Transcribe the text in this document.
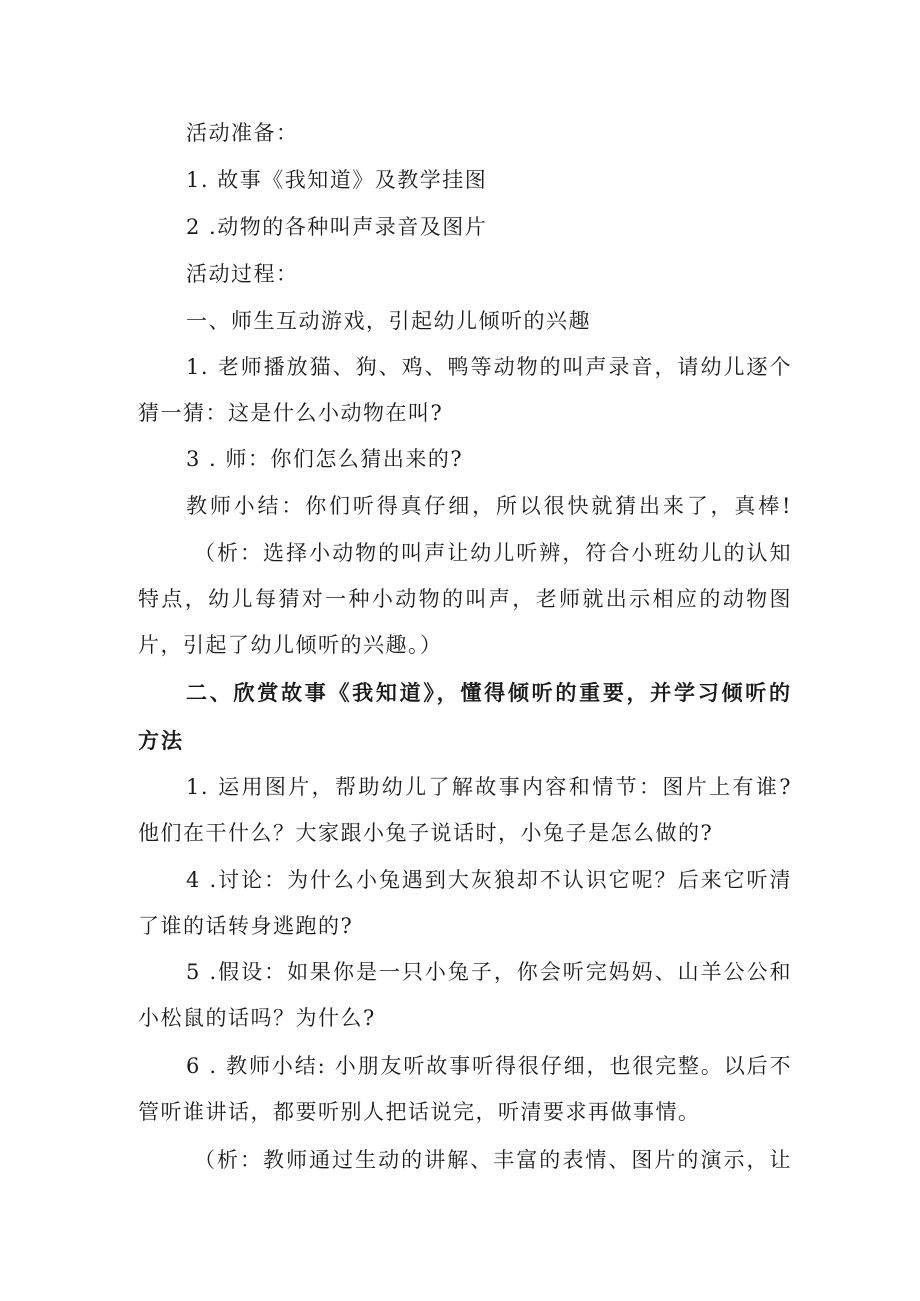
活动准备：

1. 故事《我知道》及教学挂图

2 .动物的各种叫声录音及图片

活动过程：

一、师生互动游戏，引起幼儿倾听的兴趣

1. 老师播放猫、狗、鸡、鸭等动物的叫声录音，请幼儿逐个

猜一猜：这是什么小动物在叫?

3 . 师：你们怎么猜出来的?

教师小结：你们听得真仔细，所以很快就猜出来了，真棒!

（析：选择小动物的叫声让幼儿听辨，符合小班幼儿的认知

特点，幼儿每猜对一种小动物的叫声，老师就出示相应的动物图

片，引起了幼儿倾听的兴趣。）

二、欣赏故事《我知道》，懂得倾听的重要，并学习倾听的

方法

1. 运用图片，帮助幼儿了解故事内容和情节：图片上有谁?

他们在干什么？大家跟小兔子说话时，小兔子是怎么做的?

4 .讨论：为什么小兔遇到大灰狼却不认识它呢？后来它听清

了谁的话转身逃跑的?

5 .假设：如果你是一只小兔子，你会听完妈妈、山羊公公和

小松鼠的话吗？为什么?

6 . 教师小结: 小朋友听故事听得很仔细，也很完整。以后不

管听谁讲话，都要听别人把话说完，听清要求再做事情。

（析：教师通过生动的讲解、丰富的表情、图片的演示，让
